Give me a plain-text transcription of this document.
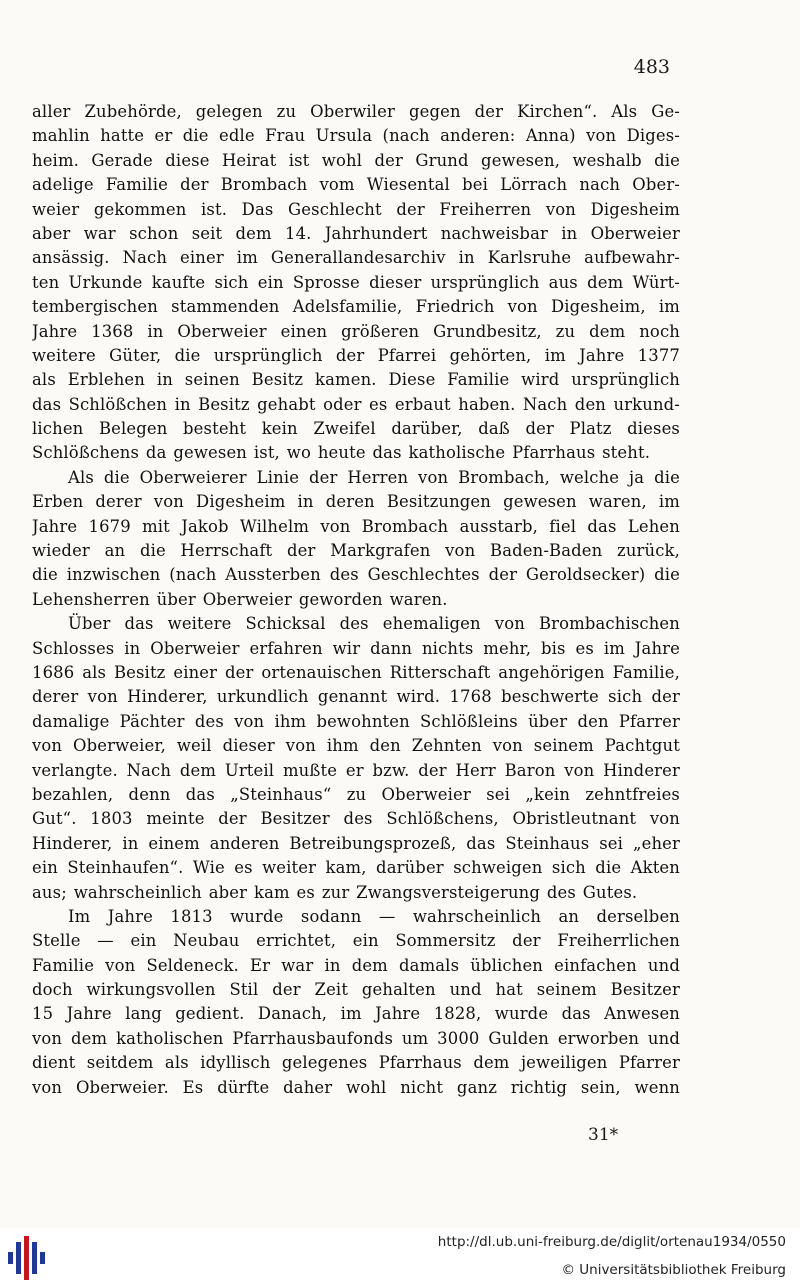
483
aller Zubehörde, gelegen zu Oberwiler gegen der Kirchen“. Als Ge-
mahlin hatte er die edle Frau Ursula (nach anderen: Anna) von Diges-
heim. Gerade diese Heirat ist wohl der Grund gewesen, weshalb die
adelige Familie der Brombach vom Wiesental bei Lörrach nach Ober-
weier gekommen ist. Das Geschlecht der Freiherren von Digesheim
aber war schon seit dem 14. Jahrhundert nachweisbar in Oberweier
ansässig. Nach einer im Generallandesarchiv in Karlsruhe aufbewahr-
ten Urkunde kaufte sich ein Sprosse dieser ursprünglich aus dem Würt-
tembergischen stammenden Adelsfamilie, Friedrich von Digesheim, im
Jahre 1368 in Oberweier einen größeren Grundbesitz, zu dem noch
weitere Güter, die ursprünglich der Pfarrei gehörten, im Jahre 1377
als Erblehen in seinen Besitz kamen. Diese Familie wird ursprünglich
das Schlößchen in Besitz gehabt oder es erbaut haben. Nach den urkund-
lichen Belegen besteht kein Zweifel darüber, daß der Platz dieses
Schlößchens da gewesen ist, wo heute das katholische Pfarrhaus steht.
Als die Oberweierer Linie der Herren von Brombach, welche ja die
Erben derer von Digesheim in deren Besitzungen gewesen waren, im
Jahre 1679 mit Jakob Wilhelm von Brombach ausstarb, fiel das Lehen
wieder an die Herrschaft der Markgrafen von Baden-Baden zurück,
die inzwischen (nach Aussterben des Geschlechtes der Geroldsecker) die
Lehensherren über Oberweier geworden waren.
Über das weitere Schicksal des ehemaligen von Brombachischen
Schlosses in Oberweier erfahren wir dann nichts mehr, bis es im Jahre
1686 als Besitz einer der ortenauischen Ritterschaft angehörigen Familie,
derer von Hinderer, urkundlich genannt wird. 1768 beschwerte sich der
damalige Pächter des von ihm bewohnten Schlößleins über den Pfarrer
von Oberweier, weil dieser von ihm den Zehnten von seinem Pachtgut
verlangte. Nach dem Urteil mußte er bzw. der Herr Baron von Hinderer
bezahlen, denn das „Steinhaus“ zu Oberweier sei „kein zehntfreies
Gut“. 1803 meinte der Besitzer des Schlößchens, Obristleutnant von
Hinderer, in einem anderen Betreibungsprozeß, das Steinhaus sei „eher
ein Steinhaufen“. Wie es weiter kam, darüber schweigen sich die Akten
aus; wahrscheinlich aber kam es zur Zwangsversteigerung des Gutes.
Im Jahre 1813 wurde sodann — wahrscheinlich an derselben
Stelle — ein Neubau errichtet, ein Sommersitz der Freiherrlichen
Familie von Seldeneck. Er war in dem damals üblichen einfachen und
doch wirkungsvollen Stil der Zeit gehalten und hat seinem Besitzer
15 Jahre lang gedient. Danach, im Jahre 1828, wurde das Anwesen
von dem katholischen Pfarrhausbaufonds um 3000 Gulden erworben und
dient seitdem als idyllisch gelegenes Pfarrhaus dem jeweiligen Pfarrer
von Oberweier. Es dürfte daher wohl nicht ganz richtig sein, wenn
31*
http://dl.ub.uni-freiburg.de/diglit/ortenau1934/0550
© Universitätsbibliothek Freiburg
